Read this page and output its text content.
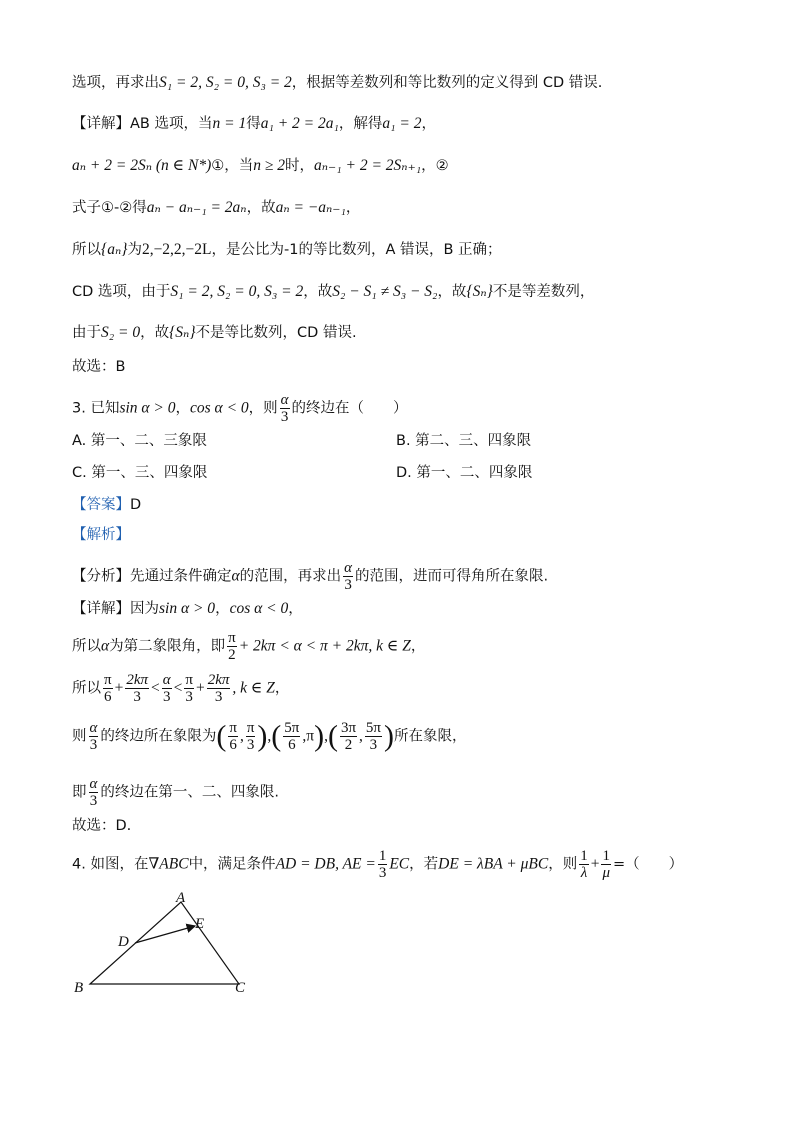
选项，再求出S₁ = 2, S₂ = 0, S₃ = 2，根据等差数列和等比数列的定义得到 CD 错误.
【详解】AB 选项，当n = 1得a₁ + 2 = 2a₁，解得a₁ = 2，
aₙ + 2 = 2Sₙ (n ∈ N*)①，当n ≥ 2时，aₙ₋₁ + 2 = 2Sₙ₊₁，②
式子①-②得aₙ − aₙ₋₁ = 2aₙ，故aₙ = −aₙ₋₁，
所以{aₙ}为2,−2,2,−2L，是公比为-1的等比数列，A 错误，B 正确；
CD 选项，由于S₁ = 2, S₂ = 0, S₃ = 2，故S₂ − S₁ ≠ S₃ − S₂，故{Sₙ}不是等差数列，
由于S₂ = 0，故{Sₙ}不是等比数列，CD 错误.
故选：B
3. 已知sin α > 0，cos α < 0，则 $\frac{\alpha}{3}$ 的终边在（　　）
A. 第一、二、三象限	B. 第二、三、四象限
C. 第一、三、四象限	D. 第一、二、四象限
【答案】D
【解析】
【分析】先通过条件确定α的范围，再求出 $\frac{\alpha}{3}$ 的范围，进而可得角所在象限.
【详解】因为sin α > 0，cos α < 0，
所以α为第二象限角，即 $\frac{\pi}{2} + 2k\pi < \alpha < \pi + 2k\pi$, k ∈ Z，
所以 $\frac{\pi}{6} + \frac{2k\pi}{3} < \frac{\alpha}{3} < \frac{\pi}{3} + \frac{2k\pi}{3}$ , k ∈ Z，
则 $\frac{\alpha}{3}$ 的终边所在象限为( $\frac{\pi}{6}$ , $\frac{\pi}{3}$ ),( $\frac{5\pi}{6} ,\pi),( \frac{3\pi}{2}$ , $\frac{5\pi}{3}$ )所在象限，
即 $\frac{\alpha}{3}$ 的终边在第一、二、四象限.
故选：D.
4. 如图，在∇ABC中，满足条件AD = DB, AE = $\frac{1}{3}$ EC，若DE = λBA + μBC，则 $\frac{1}{\lambda} + \frac{1}{\mu}$ =（　　）
A
B	C
D
E
